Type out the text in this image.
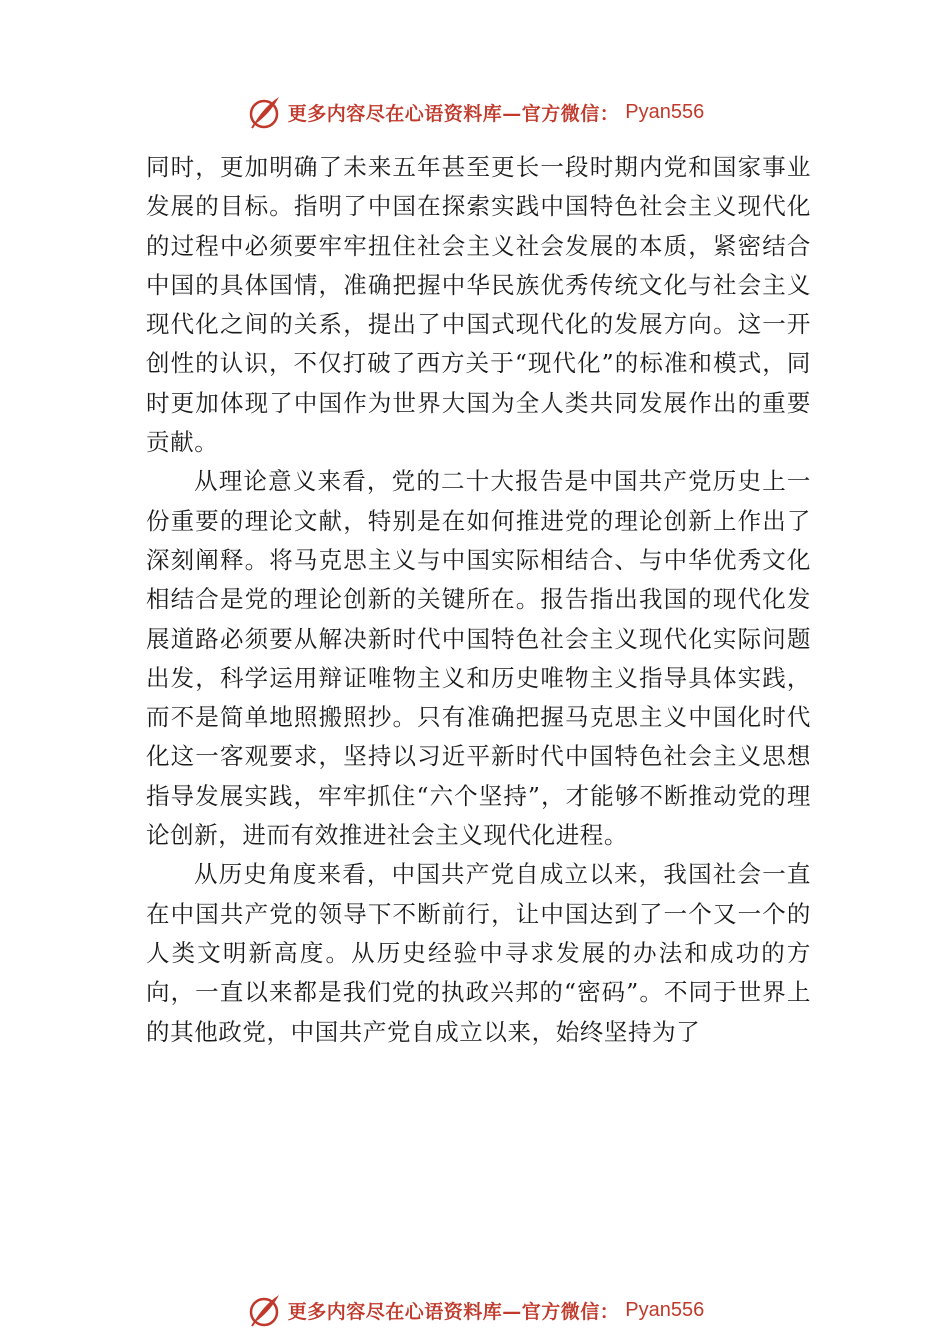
更多内容尽在心语资料库—官方微信： Pyan556

同时，更加明确了未来五年甚至更长一段时期内党和国家事业发展的目标。指明了中国在探索实践中国特色社会主义现代化的过程中必须要牢牢扭住社会主义社会发展的本质，紧密结合中国的具体国情，准确把握中华民族优秀传统文化与社会主义现代化之间的关系，提出了中国式现代化的发展方向。这一开创性的认识，不仅打破了西方关于“现代化”的标准和模式，同时更加体现了中国作为世界大国为全人类共同发展作出的重要贡献。

从理论意义来看，党的二十大报告是中国共产党历史上一份重要的理论文献，特别是在如何推进党的理论创新上作出了深刻阐释。将马克思主义与中国实际相结合、与中华优秀文化相结合是党的理论创新的关键所在。报告指出我国的现代化发展道路必须要从解决新时代中国特色社会主义现代化实际问题出发，科学运用辩证唯物主义和历史唯物主义指导具体实践，而不是简单地照搬照抄。只有准确把握马克思主义中国化时代化这一客观要求，坚持以习近平新时代中国特色社会主义思想指导发展实践，牢牢抓住“六个坚持”，才能够不断推动党的理论创新，进而有效推进社会主义现代化进程。

从历史角度来看，中国共产党自成立以来，我国社会一直在中国共产党的领导下不断前行，让中国达到了一个又一个的人类文明新高度。从历史经验中寻求发展的办法和成功的方向，一直以来都是我们党的执政兴邦的“密码”。不同于世界上的其他政党，中国共产党自成立以来，始终坚持为了

更多内容尽在心语资料库—官方微信： Pyan556
